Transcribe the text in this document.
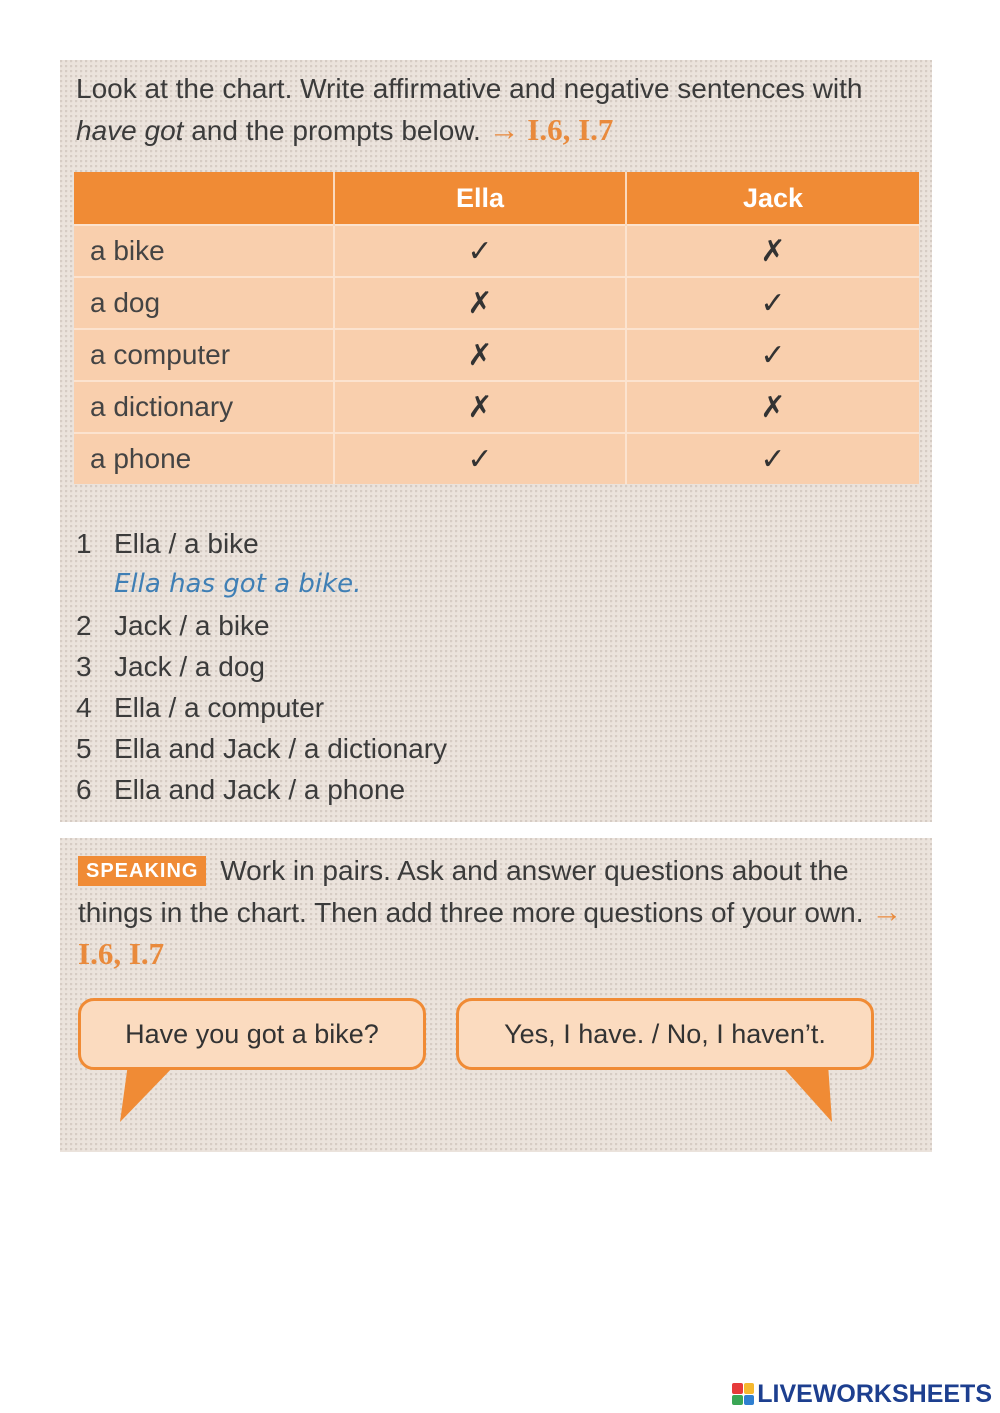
Look at the chart. Write affirmative and negative sentences with have got and the prompts below. → I.6, I.7
	Ella	Jack
a bike	✓	✗
a dog	✗	✓
a computer	✗	✓
a dictionary	✗	✗
a phone	✓	✓
1 Ella / a bike
Ella has got a bike.
2 Jack / a bike
3 Jack / a dog
4 Ella / a computer
5 Ella and Jack / a dictionary
6 Ella and Jack / a phone
SPEAKING Work in pairs. Ask and answer questions about the things in the chart. Then add three more questions of your own. → I.6, I.7
Have you got a bike?	Yes, I have. / No, I haven’t.
LIVEWORKSHEETS
